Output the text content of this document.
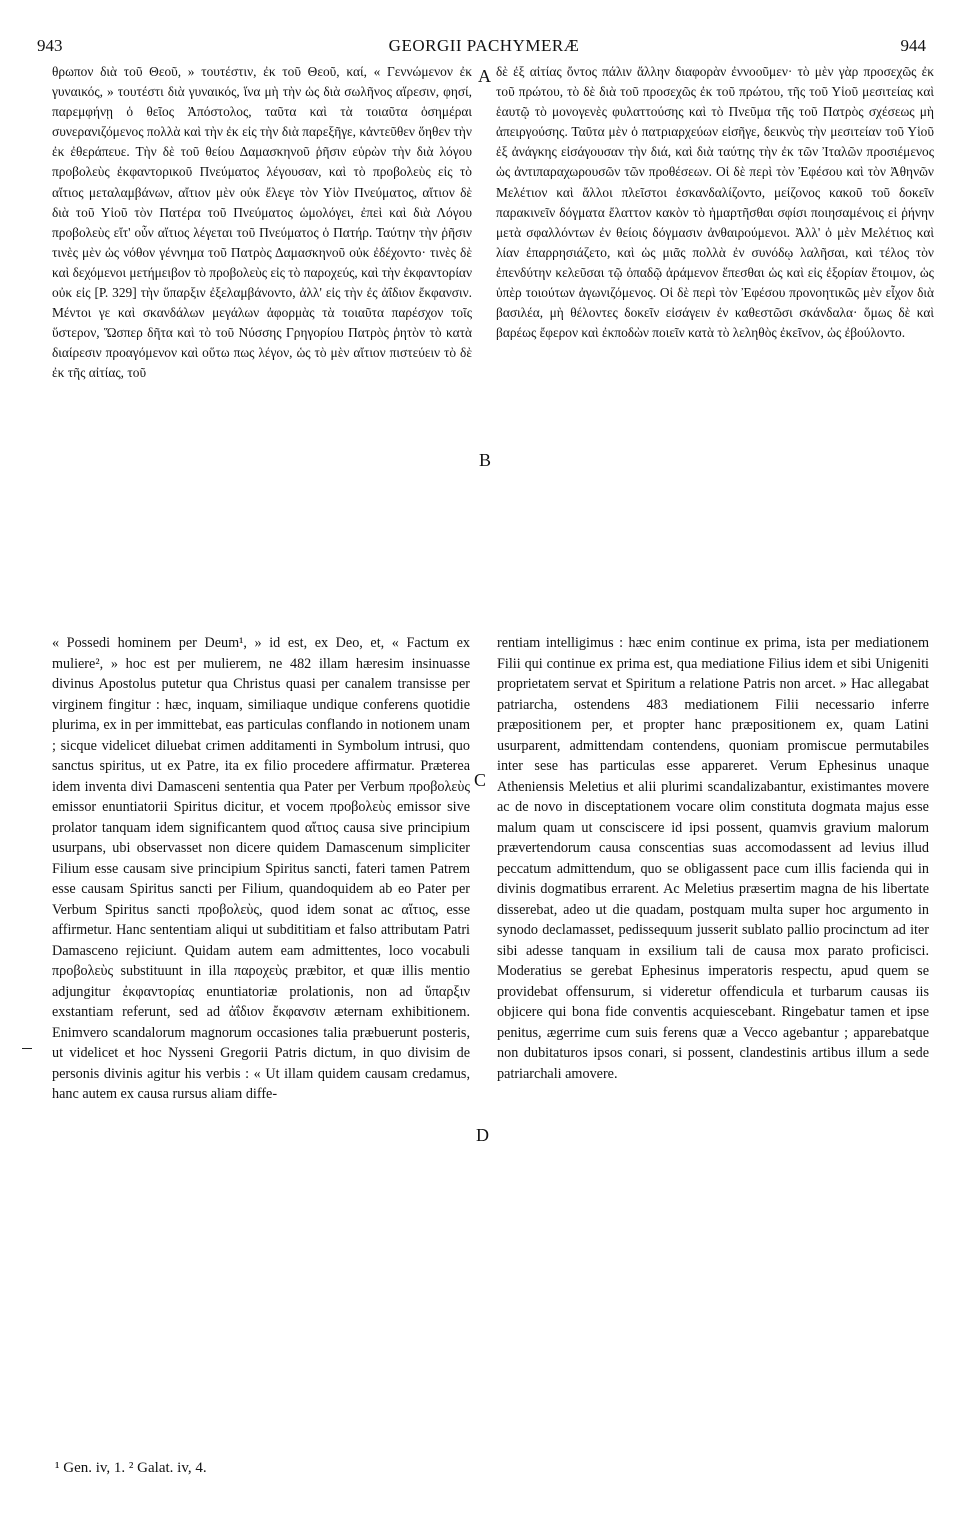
943	GEORGII PACHYMERÆ	944

θρωπον διὰ τοῦ Θεοῦ, » τουτέστιν, ἐκ τοῦ Θεοῦ, καί, « Γεννώμενον ἐκ γυναικός, » τουτέστι διὰ γυναικός, ἵνα μὴ τὴν ὡς διὰ σωλῆνος αἵρεσιν, φησί, παρεμφήνῃ ὁ θεῖος Ἀπόστολος, ταῦτα καὶ τὰ τοιαῦτα ὁσημέραι συνερανιζόμενος πολλὰ καὶ τὴν ἐκ εἰς τὴν διὰ παρεξῆγε, κἀντεῦθεν ὅηθεν τὴν ἐκ ἐθεράπευε. Τὴν δὲ τοῦ θείου Δαμασκηνοῦ ῥῆσιν εὑρὼν τὴν διὰ λόγου προβολεὺς ἐκφαντορικοῦ Πνεύματος λέγουσαν, καὶ τὸ προβολεὺς εἰς τὸ αἴτιος μεταλαμβάνων, αἴτιον μὲν οὐκ ἔλεγε τὸν Υἱὸν Πνεύματος, αἴτιον δὲ διὰ τοῦ Υἱοῦ τὸν Πατέρα τοῦ Πνεύματος ὡμολόγει, ἐπεὶ καὶ διὰ Λόγου προβολεὺς εἴτ' οὖν αἴτιος λέγεται τοῦ Πνεύματος ὁ Πατήρ. Ταύτην τὴν ῥῆσιν τινὲς μὲν ὡς νόθον γέννημα τοῦ Πατρὸς Δαμασκηνοῦ οὐκ ἐδέχοντο· τινὲς δὲ καὶ δεχόμενοι μετήμειβον τὸ προβολεὺς εἰς τὸ παροχεύς, καὶ τὴν ἐκφαντορίαν οὐκ εἰς [P. 329] τὴν ὕπαρξιν ἐξελαμβάνοντο, ἀλλ' εἰς τὴν ἐς ἀΐδιον ἔκφανσιν. Μέντοι γε καὶ σκανδάλων μεγάλων ἀφορμὰς τὰ τοιαῦτα παρέσχον τοῖς ὕστερον, Ὥσπερ δῆτα καὶ τὸ τοῦ Νύσσης Γρηγορίου Πατρὸς ῥητὸν τὸ κατὰ διαίρεσιν προαγόμενον καὶ οὕτω πως λέγον, ὡς τὸ μὲν αἴτιον πιστεύειν τὸ δὲ ἐκ τῆς αἰτίας, τοῦ

A δὲ ἐξ αἰτίας ὄντος πάλιν ἄλλην διαφορὰν ἐννοοῦμεν· τὸ μὲν γὰρ προσεχῶς ἐκ τοῦ πρώτου, τὸ δὲ διὰ τοῦ προσεχῶς ἐκ τοῦ πρώτου, τῆς τοῦ Υἱοῦ μεσιτείας καὶ ἑαυτῷ τὸ μονογενὲς φυλαττούσης καὶ τὸ Πνεῦμα τῆς τοῦ Πατρὸς σχέσεως μὴ ἀπειργούσης. Ταῦτα μὲν ὁ πατριαρχεύων εἰσῆγε, δεικνὺς τὴν μεσιτείαν τοῦ Υἱοῦ ἐξ ἀνάγκης εἰσάγουσαν τὴν διά, καὶ διὰ ταύτης τὴν ἐκ τῶν Ἰταλῶν προσιέμενος ὡς ἀντιπαραχωρουσῶν τῶν προθέσεων. Οἱ δὲ περὶ τὸν Ἐφέσου καὶ τὸν Ἀθηνῶν Μελέτιον καὶ ἄλλοι πλεῖστοι ἐσκανδαλίζοντο, μείζονος κακοῦ τοῦ δοκεῖν παρακινεῖν δόγματα ἔλαττον κακὸν τὸ ἡμαρτῆσθαι σφίσι ποιησαμένοις εἰ ῥήνην μετὰ σφαλλόντων ἐν θείοις δόγμασιν ἀνθαιρούμενοι. Ἀλλ' ὁ μὲν Μελέτιος καὶ λίαν ἐπαρρησιάζετο, καὶ ὡς μιᾶς πολλὰ ἐν συνόδῳ λαλῆσαι, καὶ τέλος τὸν ἐπενδύτην κελεῦσαι τῷ ὀπαδῷ ἀράμενον ἕπεσθαι ὡς καὶ εἰς ἐξορίαν ἕτοιμον, ὡς ὑπὲρ τοιούτων ἀγωνιζόμενος. Οἱ δὲ περὶ τὸν Ἐφέσου προνοητικῶς μὲν εἶχον διὰ βασιλέα, μὴ θέλοντες δοκεῖν εἰσάγειν ἐν καθεστῶσι σκάνδαλα· ὅμως δὲ καὶ βαρέως ἔφερον καὶ ἐκποδὼν ποιεῖν κατὰ τὸ λεληθὸς ἐκεῖνον, ὡς ἐβούλοντο.

B

« Possedi hominem per Deum¹, » id est, ex Deo, et, « Factum ex muliere², » hoc est per mulierem, ne 482 illam hæresim insinuasse divinus Apostolus putetur qua Christus quasi per canalem transisse per virginem fingitur : hæc, inquam, similiaque undique conferens quotidie plurima, ex in per immittebat, eas particulas conflando in notionem unam ; sicque videlicet diluebat crimen additamenti in Symbolum intrusi, quo sanctus spiritus, ut ex Patre, ita ex filio procedere affirmatur. Præterea idem inventa divi Damasceni sententia qua Pater per Verbum προβολεὺς emissor enuntiatorii Spiritus dicitur, et vocem προβολεὺς emissor sive prolator tanquam idem significantem quod αἴτιος causa sive principium usurpans, ubi observasset non dicere quidem Damascenum simpliciter Filium esse causam sive principium Spiritus sancti, fateri tamen Patrem esse causam Spiritus sancti per Filium, quandoquidem ab eo Pater per Verbum Spiritus sancti προβολεὺς, quod idem sonat ac αἴτιος, esse affirmetur. Hanc sententiam aliqui ut subdititiam et falso attributam Patri Damasceno rejiciunt. Quidam autem eam admittentes, loco vocabuli προβολεὺς substituunt in illa παροχεὺς præbitor, et quæ illis mentio adjungitur ἐκφαντορίας enuntiatoriæ prolationis, non ad ὕπαρξιν exstantiam referunt, sed ad ἀΐδιον ἔκφανσιν æternam exhibitionem. Enimvero scandalorum magnorum occasiones talia præbuerunt posteris, ut videlicet et hoc Nysseni Gregorii Patris dictum, in quo divisim de personis divinis agitur his verbis : « Ut illam quidem causam credamus, hanc autem ex causa rursus aliam diffe-

C
D

rentiam intelligimus : hæc enim continue ex prima, ista per mediationem Filii qui continue ex prima est, qua mediatione Filius idem et sibi Unigeniti proprietatem servat et Spiritum a relatione Patris non arcet. » Hac allegabat patriarcha, ostendens 483 mediationem Filii necessario inferre præpositionem per, et propter hanc præpositionem ex, quam Latini usurparent, admittendam contendens, quoniam promiscue permutabiles inter sese has particulas esse appareret. Verum Ephesinus unaque Atheniensis Meletius et alii plurimi scandalizabantur, existimantes movere ac de novo in disceptationem vocare olim constituta dogmata majus esse malum quam ut consciscere id ipsi possent, quamvis gravium malorum prævertendorum causa conscentias suas accomodassent ad levius illud peccatum admittendum, quo se obligassent pace cum illis facienda qui in divinis dogmatibus errarent. Ac Meletius præsertim magna de his libertate disserebat, adeo ut die quadam, postquam multa super hoc argumento in synodo declamasset, pedissequum jusserit sublato pallio procinctum ad iter sibi adesse tanquam in exsilium tali de causa mox parato proficisci. Moderatius se gerebat Ephesinus imperatoris respectu, apud quem se providebat offensurum, si videretur offendicula et turbarum causas iis objicere qui bona fide conventis acquiescebant. Ringebatur tamen et ipse penitus, ægerrime cum suis ferens quæ a Vecco agebantur ; apparebatque non dubitaturos ipsos conari, si possent, clandestinis artibus illum a sede patriarchali amovere.

¹ Gen. iv, 1. ² Galat. iv, 4.
